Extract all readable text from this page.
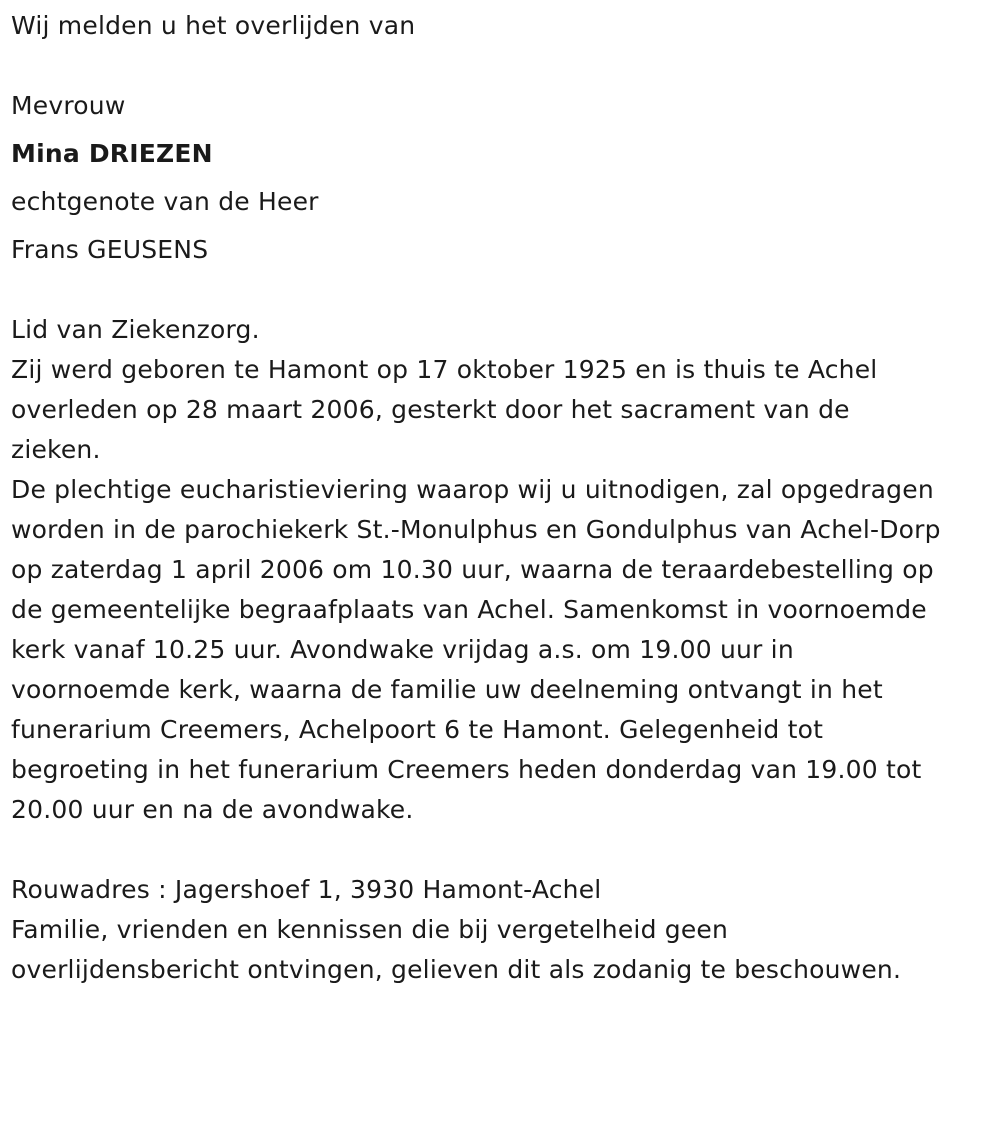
Wij melden u het overlijden van
Mevrouw
Mina DRIEZEN
echtgenote van de Heer
Frans GEUSENS
Lid van Ziekenzorg.
Zij werd geboren te Hamont op 17 oktober 1925 en is thuis te Achel
overleden op 28 maart 2006, gesterkt door het sacrament van de
zieken.
De plechtige eucharistieviering waarop wij u uitnodigen, zal opgedragen
worden in de parochiekerk St.-Monulphus en Gondulphus van Achel-Dorp
op zaterdag 1 april 2006 om 10.30 uur, waarna de teraardebestelling op
de gemeentelijke begraafplaats van Achel. Samenkomst in voornoemde
kerk vanaf 10.25 uur. Avondwake vrijdag a.s. om 19.00 uur in
voornoemde kerk, waarna de familie uw deelneming ontvangt in het
funerarium Creemers, Achelpoort 6 te Hamont. Gelegenheid tot
begroeting in het funerarium Creemers heden donderdag van 19.00 tot
20.00 uur en na de avondwake.
Rouwadres : Jagershoef 1, 3930 Hamont-Achel
Familie, vrienden en kennissen die bij vergetelheid geen
overlijdensbericht ontvingen, gelieven dit als zodanig te beschouwen.
